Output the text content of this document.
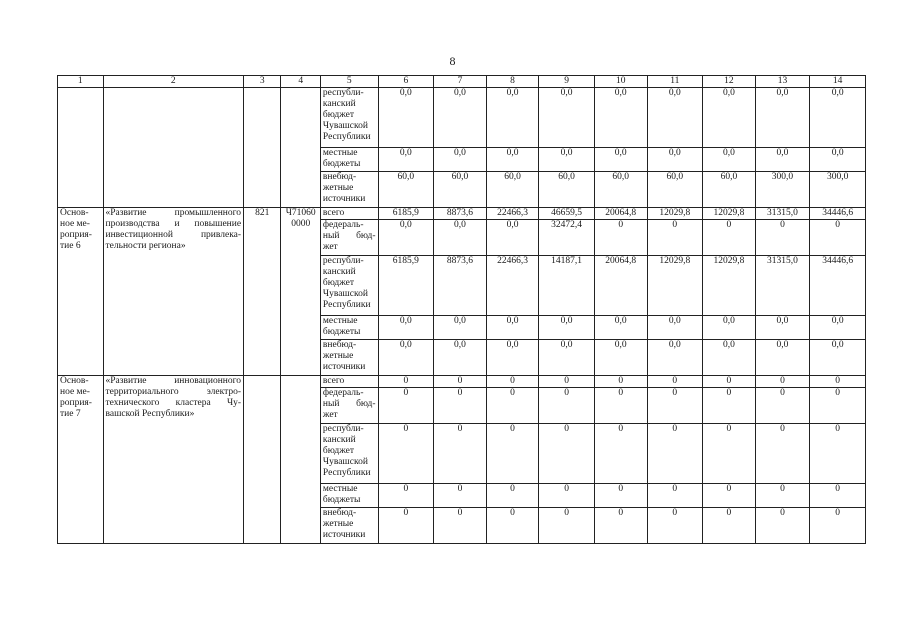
8
1	2	3	4	5	6	7	8	9	10	11	12	13	14
				республи-канский бюджет Чувашской Республики	0,0	0,0	0,0	0,0	0,0	0,0	0,0	0,0	0,0
				местные бюджеты	0,0	0,0	0,0	0,0	0,0	0,0	0,0	0,0	0,0
				внебюд-жетные источники	60,0	60,0	60,0	60,0	60,0	60,0	60,0	300,0	300,0
Основ-ное ме-роприя-тие 6	«Развитие промышленного производства и повышение инвестиционной привлека-тельности региона»	821	Ч71060 0000	всего	6185,9	8873,6	22466,3	46659,5	20064,8	12029,8	12029,8	31315,0	34446,6
				федераль-ный бюд-жет	0,0	0,0	0,0	32472,4	0	0	0	0	0
				республи-канский бюджет Чувашской Республики	6185,9	8873,6	22466,3	14187,1	20064,8	12029,8	12029,8	31315,0	34446,6
				местные бюджеты	0,0	0,0	0,0	0,0	0,0	0,0	0,0	0,0	0,0
				внебюд-жетные источники	0,0	0,0	0,0	0,0	0,0	0,0	0,0	0,0	0,0
Основ-ное ме-роприя-тие 7	«Развитие инновационного территориального электро-технического кластера Чу-вашской Республики»			всего	0	0	0	0	0	0	0	0	0
				федераль-ный бюд-жет	0	0	0	0	0	0	0	0	0
				республи-канский бюджет Чувашской Республики	0	0	0	0	0	0	0	0	0
				местные бюджеты	0	0	0	0	0	0	0	0	0
				внебюд-жетные источники	0	0	0	0	0	0	0	0	0
